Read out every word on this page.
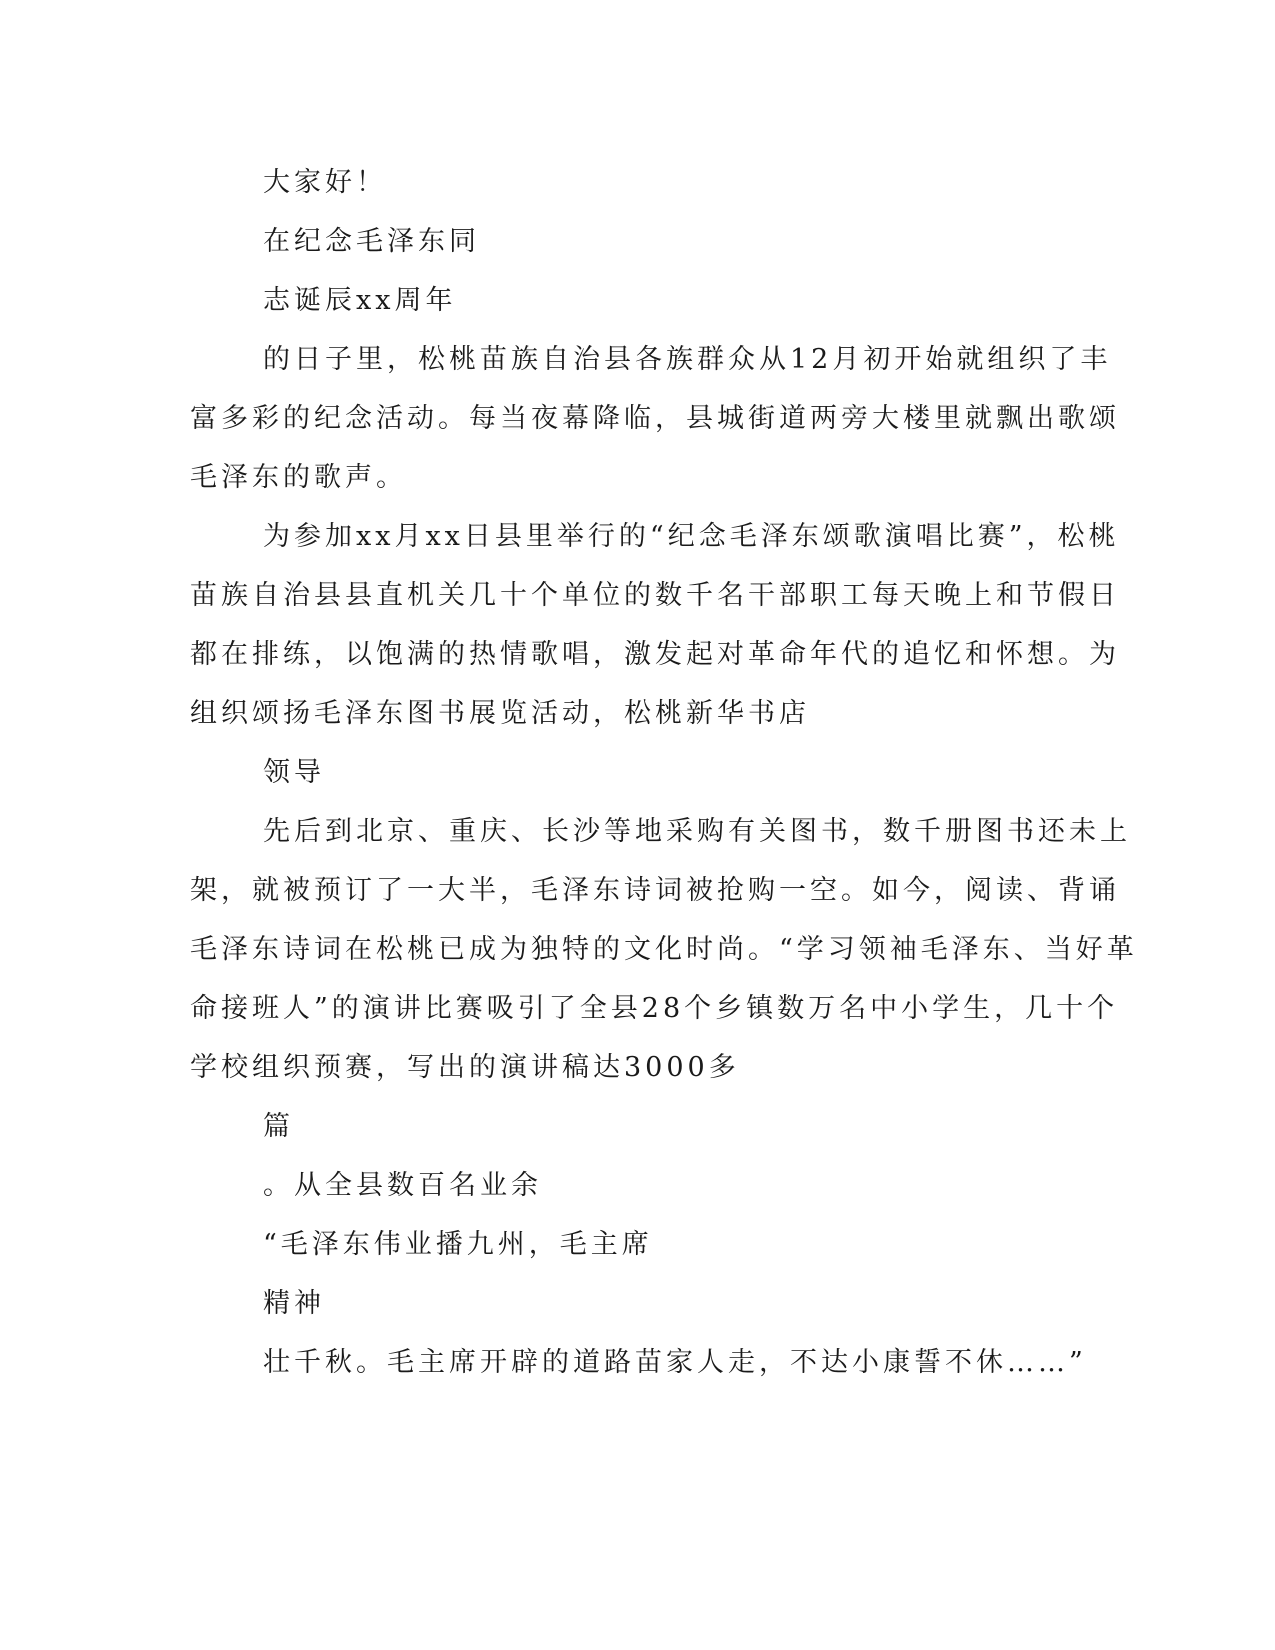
大家好！

在纪念毛泽东同

志诞辰xx周年

的日子里，松桃苗族自治县各族群众从12月初开始就组织了丰

富多彩的纪念活动。每当夜幕降临，县城街道两旁大楼里就飘出歌颂

毛泽东的歌声。

为参加xx月xx日县里举行的“纪念毛泽东颂歌演唱比赛”，松桃

苗族自治县县直机关几十个单位的数千名干部职工每天晚上和节假日

都在排练，以饱满的热情歌唱，激发起对革命年代的追忆和怀想。为

组织颂扬毛泽东图书展览活动，松桃新华书店

领导

先后到北京、重庆、长沙等地采购有关图书，数千册图书还未上

架，就被预订了一大半，毛泽东诗词被抢购一空。如今，阅读、背诵

毛泽东诗词在松桃已成为独特的文化时尚。“学习领袖毛泽东、当好革

命接班人”的演讲比赛吸引了全县28个乡镇数万名中小学生，几十个

学校组织预赛，写出的演讲稿达3000多

篇

。从全县数百名业余

“毛泽东伟业播九州，毛主席

精神

壮千秋。毛主席开辟的道路苗家人走，不达小康誓不休……”
